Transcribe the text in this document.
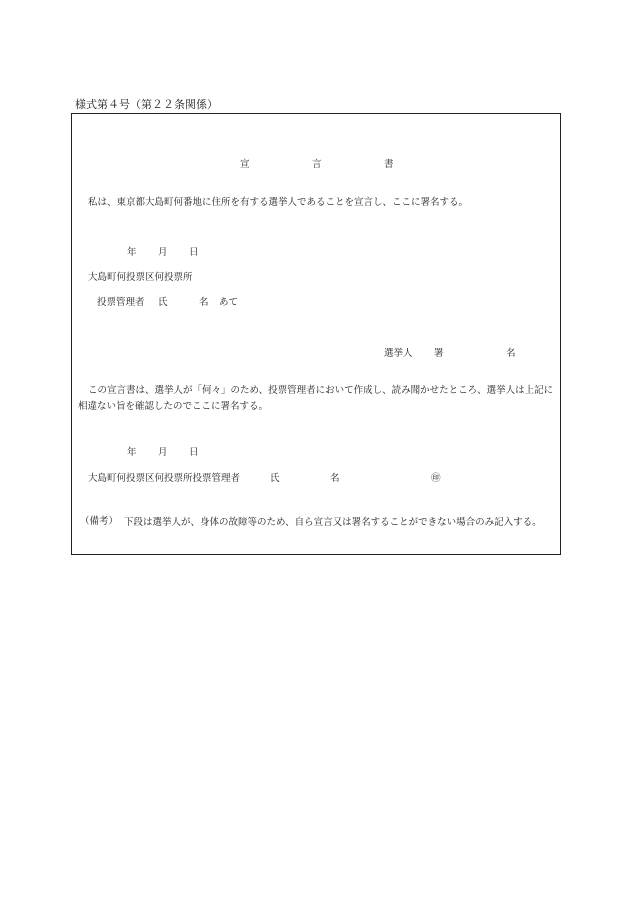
様式第４号（第２２条関係）
宣	言	書
私は、東京都大島町何番地に住所を有する選挙人であることを宣言し、ここに署名する。
年 月 日
大島町何投票区何投票所
投票管理者 氏	名 あて
選挙人 署	名
この宣言書は、選挙人が「何々」のため、投票管理者において作成し、読み聞かせたところ、選挙人は上記に相違ない旨を確認したのでここに署名する。
年 月 日
大島町何投票区何投票所投票管理者	氏	名	㊞
（備考） 下段は選挙人が、身体の故障等のため、自ら宣言又は署名することができない場合のみ記入する。
